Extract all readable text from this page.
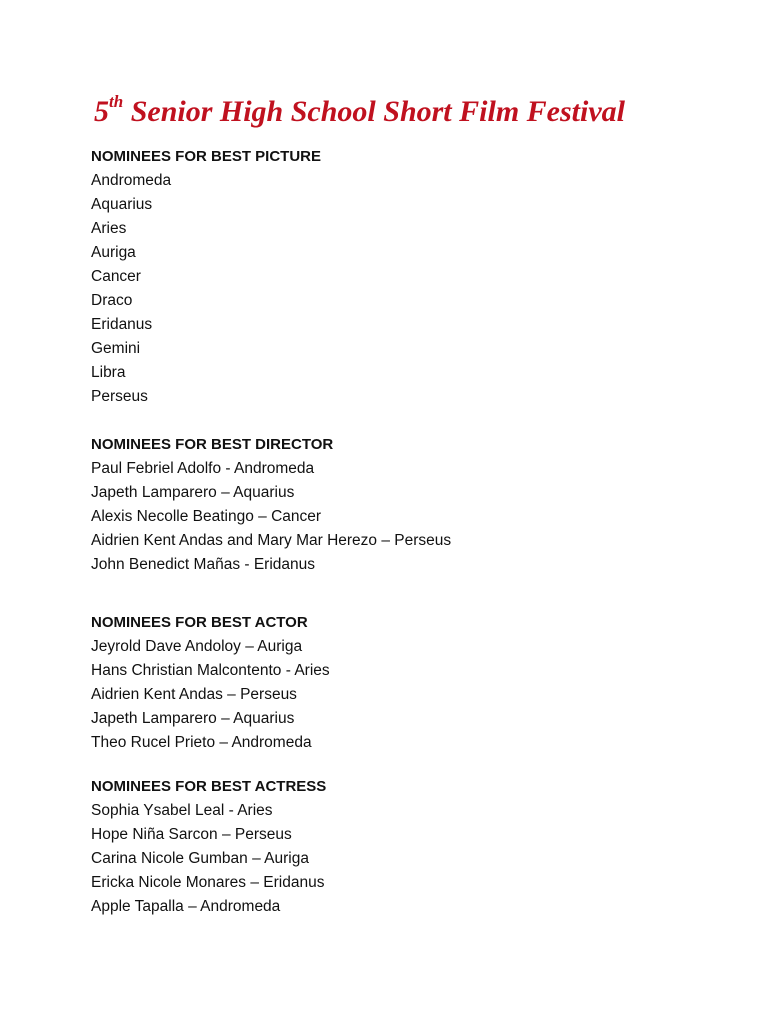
5th Senior High School Short Film Festival
NOMINEES FOR BEST PICTURE
Andromeda
Aquarius
Aries
Auriga
Cancer
Draco
Eridanus
Gemini
Libra
Perseus
NOMINEES FOR BEST DIRECTOR
Paul Febriel Adolfo - Andromeda
Japeth Lamparero – Aquarius
Alexis Necolle Beatingo – Cancer
Aidrien Kent Andas and Mary Mar Herezo – Perseus
John Benedict Mañas - Eridanus
NOMINEES FOR BEST ACTOR
Jeyrold Dave Andoloy – Auriga
Hans Christian Malcontento - Aries
Aidrien Kent Andas – Perseus
Japeth Lamparero – Aquarius
Theo Rucel Prieto – Andromeda
NOMINEES FOR BEST ACTRESS
Sophia Ysabel Leal - Aries
Hope Niña Sarcon – Perseus
Carina Nicole Gumban – Auriga
Ericka Nicole Monares – Eridanus
Apple Tapalla – Andromeda
